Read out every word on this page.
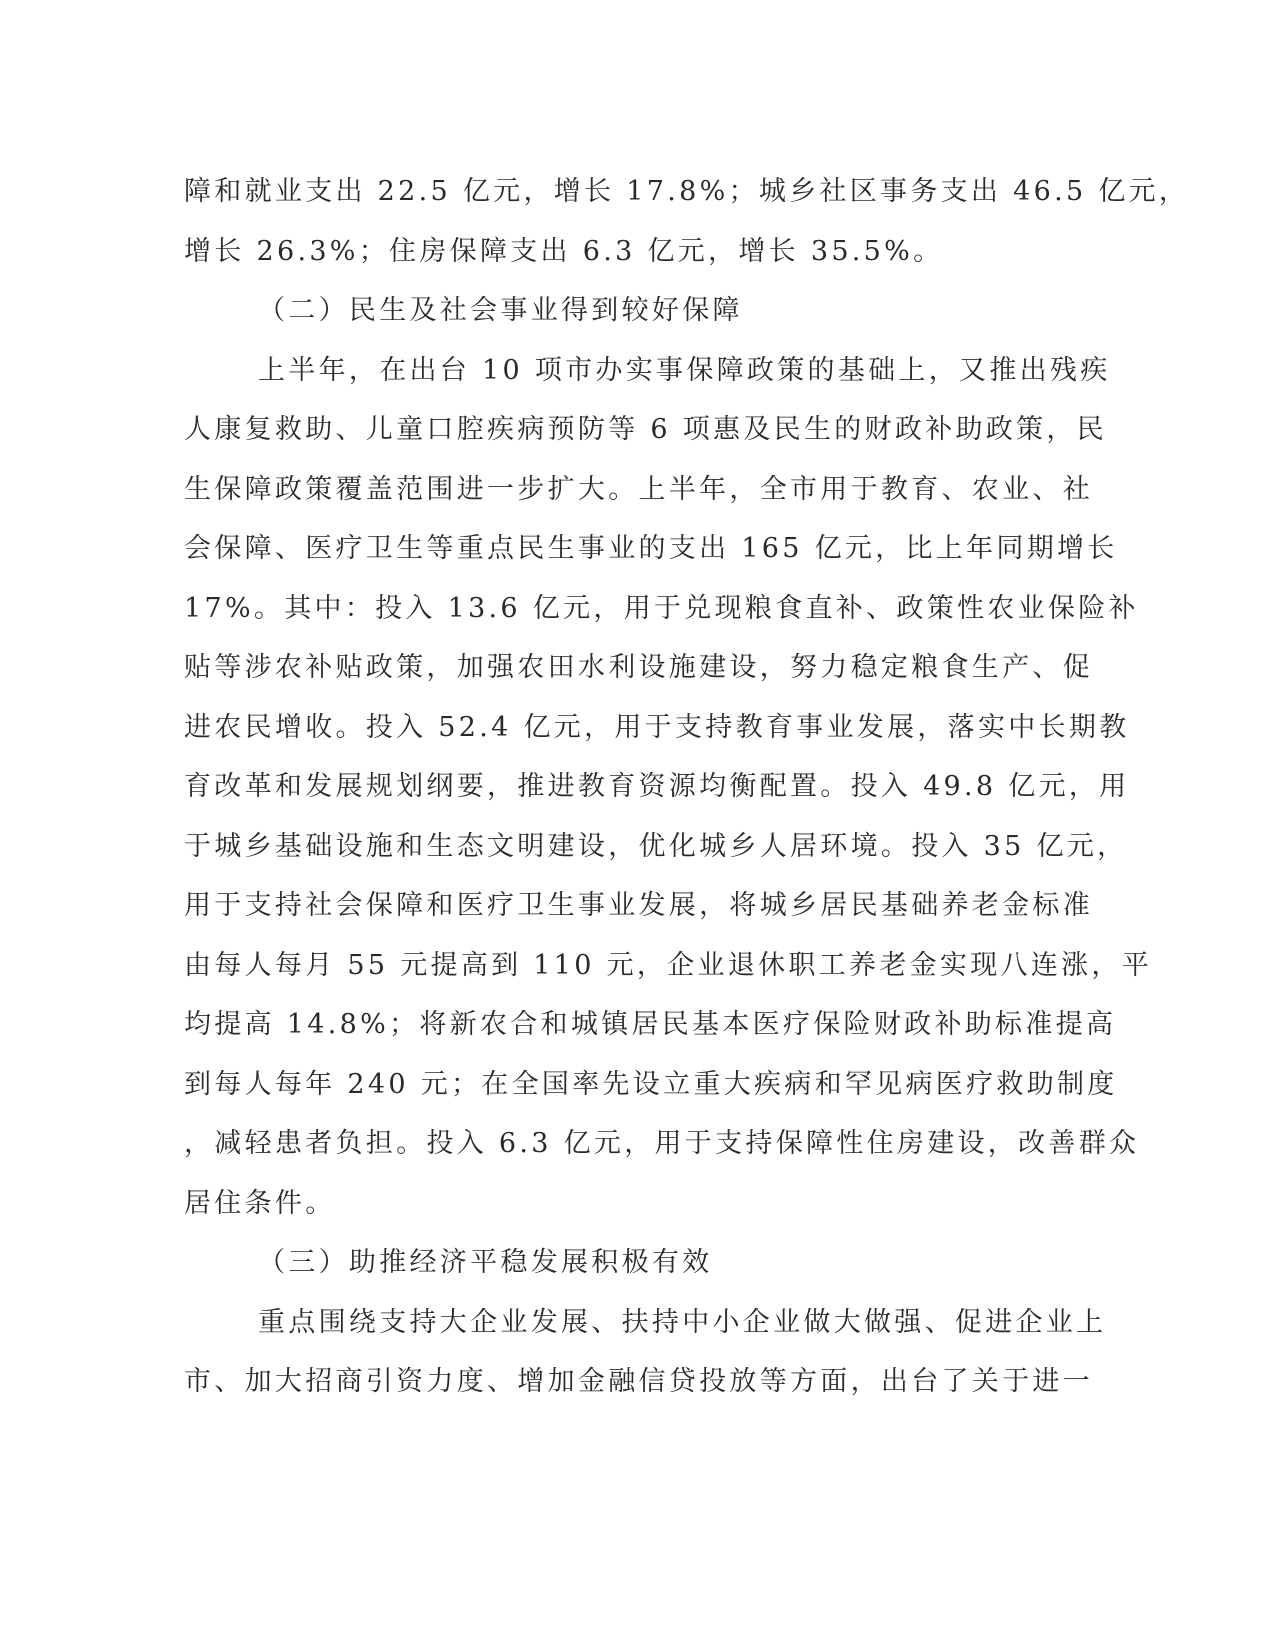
障和就业支出 22.5 亿元，增长 17.8%；城乡社区事务支出 46.5 亿元，
增长 26.3%；住房保障支出 6.3 亿元，增长 35.5%。
（二）民生及社会事业得到较好保障
上半年，在出台 10 项市办实事保障政策的基础上，又推出残疾
人康复救助、儿童口腔疾病预防等 6 项惠及民生的财政补助政策，民
生保障政策覆盖范围进一步扩大。上半年，全市用于教育、农业、社
会保障、医疗卫生等重点民生事业的支出 165 亿元，比上年同期增长
17%。其中：投入 13.6 亿元，用于兑现粮食直补、政策性农业保险补
贴等涉农补贴政策，加强农田水利设施建设，努力稳定粮食生产、促
进农民增收。投入 52.4 亿元，用于支持教育事业发展，落实中长期教
育改革和发展规划纲要，推进教育资源均衡配置。投入 49.8 亿元，用
于城乡基础设施和生态文明建设，优化城乡人居环境。投入 35 亿元，
用于支持社会保障和医疗卫生事业发展，将城乡居民基础养老金标准
由每人每月 55 元提高到 110 元，企业退休职工养老金实现八连涨，平
均提高 14.8%；将新农合和城镇居民基本医疗保险财政补助标准提高
到每人每年 240 元；在全国率先设立重大疾病和罕见病医疗救助制度
，减轻患者负担。投入 6.3 亿元，用于支持保障性住房建设，改善群众
居住条件。
（三）助推经济平稳发展积极有效
重点围绕支持大企业发展、扶持中小企业做大做强、促进企业上
市、加大招商引资力度、增加金融信贷投放等方面，出台了关于进一
